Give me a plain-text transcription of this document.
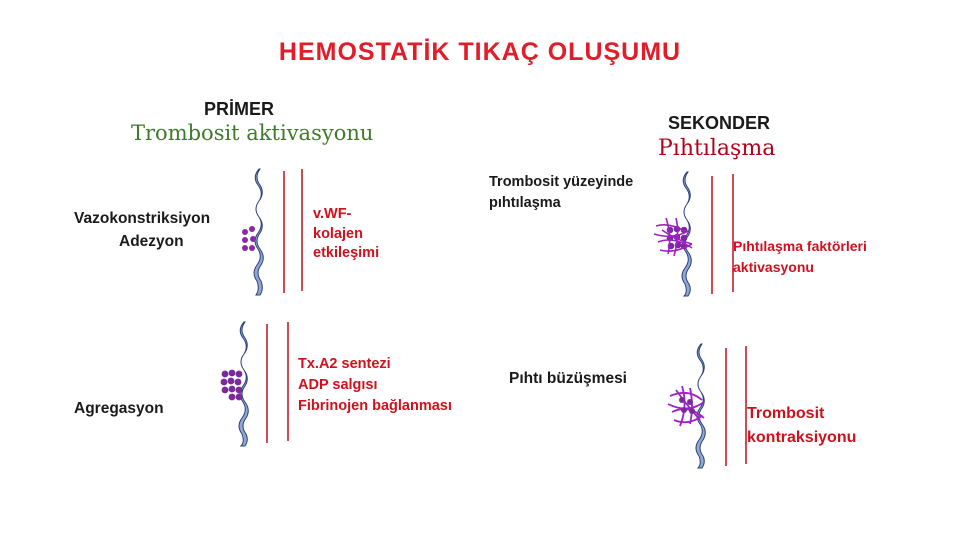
HEMOSTATİK TIKAÇ OLUŞUMU
PRİMER
Trombosit aktivasyonu
Vazokonstriksiyon
Adezyon
v.WF-
kolajen
etkileşimi
Agregasyon
Tx.A2 sentezi
ADP salgısı
Fibrinojen bağlanması
SEKONDER
Pıhtılaşma
Trombosit yüzeyinde
pıhtılaşma
Pıhtılaşma faktörleri
aktivasyonu
Pıhtı büzüşmesi
Trombosit
kontraksiyonu
